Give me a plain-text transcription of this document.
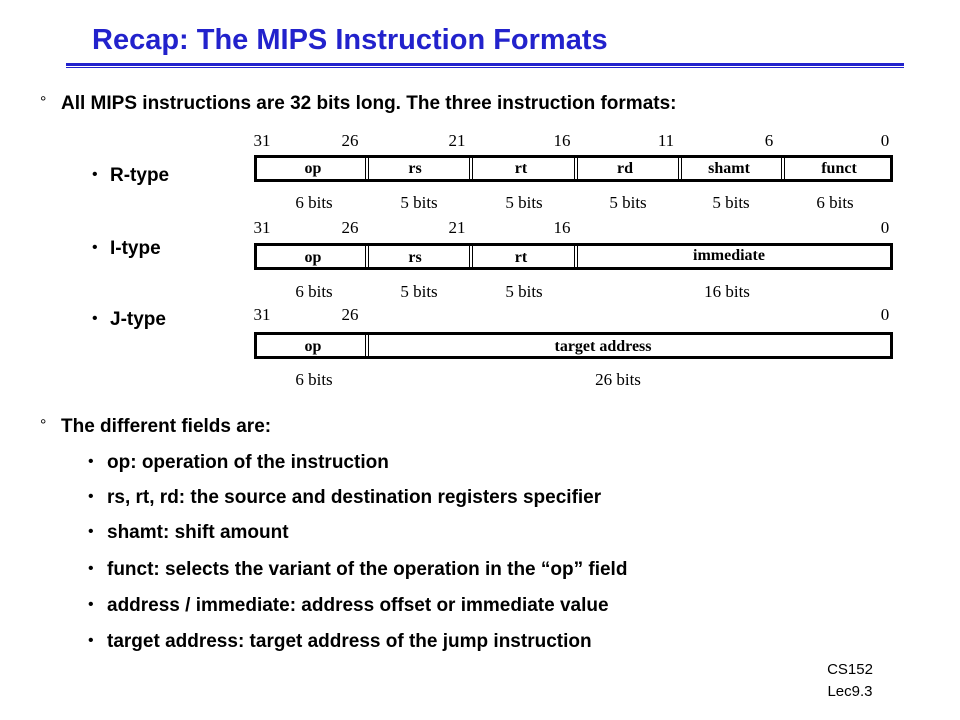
Recap: The MIPS Instruction Formats
° All MIPS instructions are 32 bits long. The three instruction formats:
• R-type
• I-type
• J-type
31	26	21	16	11	6	0
op	rs	rt	rd	shamt	funct
6 bits	5 bits	5 bits	5 bits	5 bits	6 bits
31	26	21	16	0
op	rs	rt	immediate
6 bits	5 bits	5 bits	16 bits
31	26	0
op	target address
6 bits	26 bits
° The different fields are:
• op: operation of the instruction
• rs, rt, rd: the source and destination registers specifier
• shamt: shift amount
• funct: selects the variant of the operation in the “op” field
• address / immediate: address offset or immediate value
• target address: target address of the jump instruction
CS152
Lec9.3
